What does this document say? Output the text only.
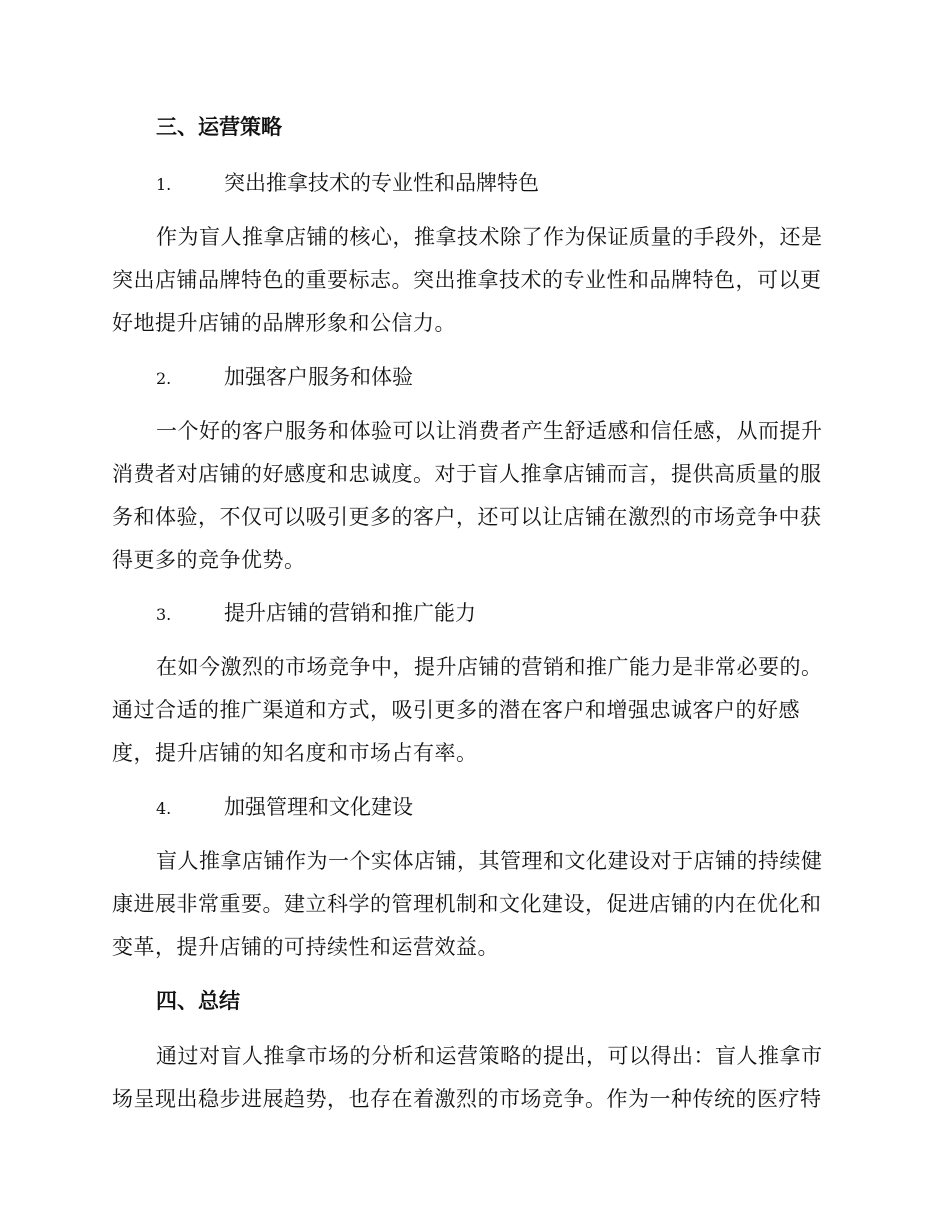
三、运营策略
1.	突出推拿技术的专业性和品牌特色
作为盲人推拿店铺的核心，推拿技术除了作为保证质量的手段外，还是
突出店铺品牌特色的重要标志。突出推拿技术的专业性和品牌特色，可以更
好地提升店铺的品牌形象和公信力。
2.	加强客户服务和体验
一个好的客户服务和体验可以让消费者产生舒适感和信任感，从而提升
消费者对店铺的好感度和忠诚度。对于盲人推拿店铺而言，提供高质量的服
务和体验，不仅可以吸引更多的客户，还可以让店铺在激烈的市场竞争中获
得更多的竞争优势。
3.	提升店铺的营销和推广能力
在如今激烈的市场竞争中，提升店铺的营销和推广能力是非常必要的。
通过合适的推广渠道和方式，吸引更多的潜在客户和增强忠诚客户的好感
度，提升店铺的知名度和市场占有率。
4.	加强管理和文化建设
盲人推拿店铺作为一个实体店铺，其管理和文化建设对于店铺的持续健
康进展非常重要。建立科学的管理机制和文化建设，促进店铺的内在优化和
变革，提升店铺的可持续性和运营效益。
四、总结
通过对盲人推拿市场的分析和运营策略的提出，可以得出：盲人推拿市
场呈现出稳步进展趋势，也存在着激烈的市场竞争。作为一种传统的医疗特
